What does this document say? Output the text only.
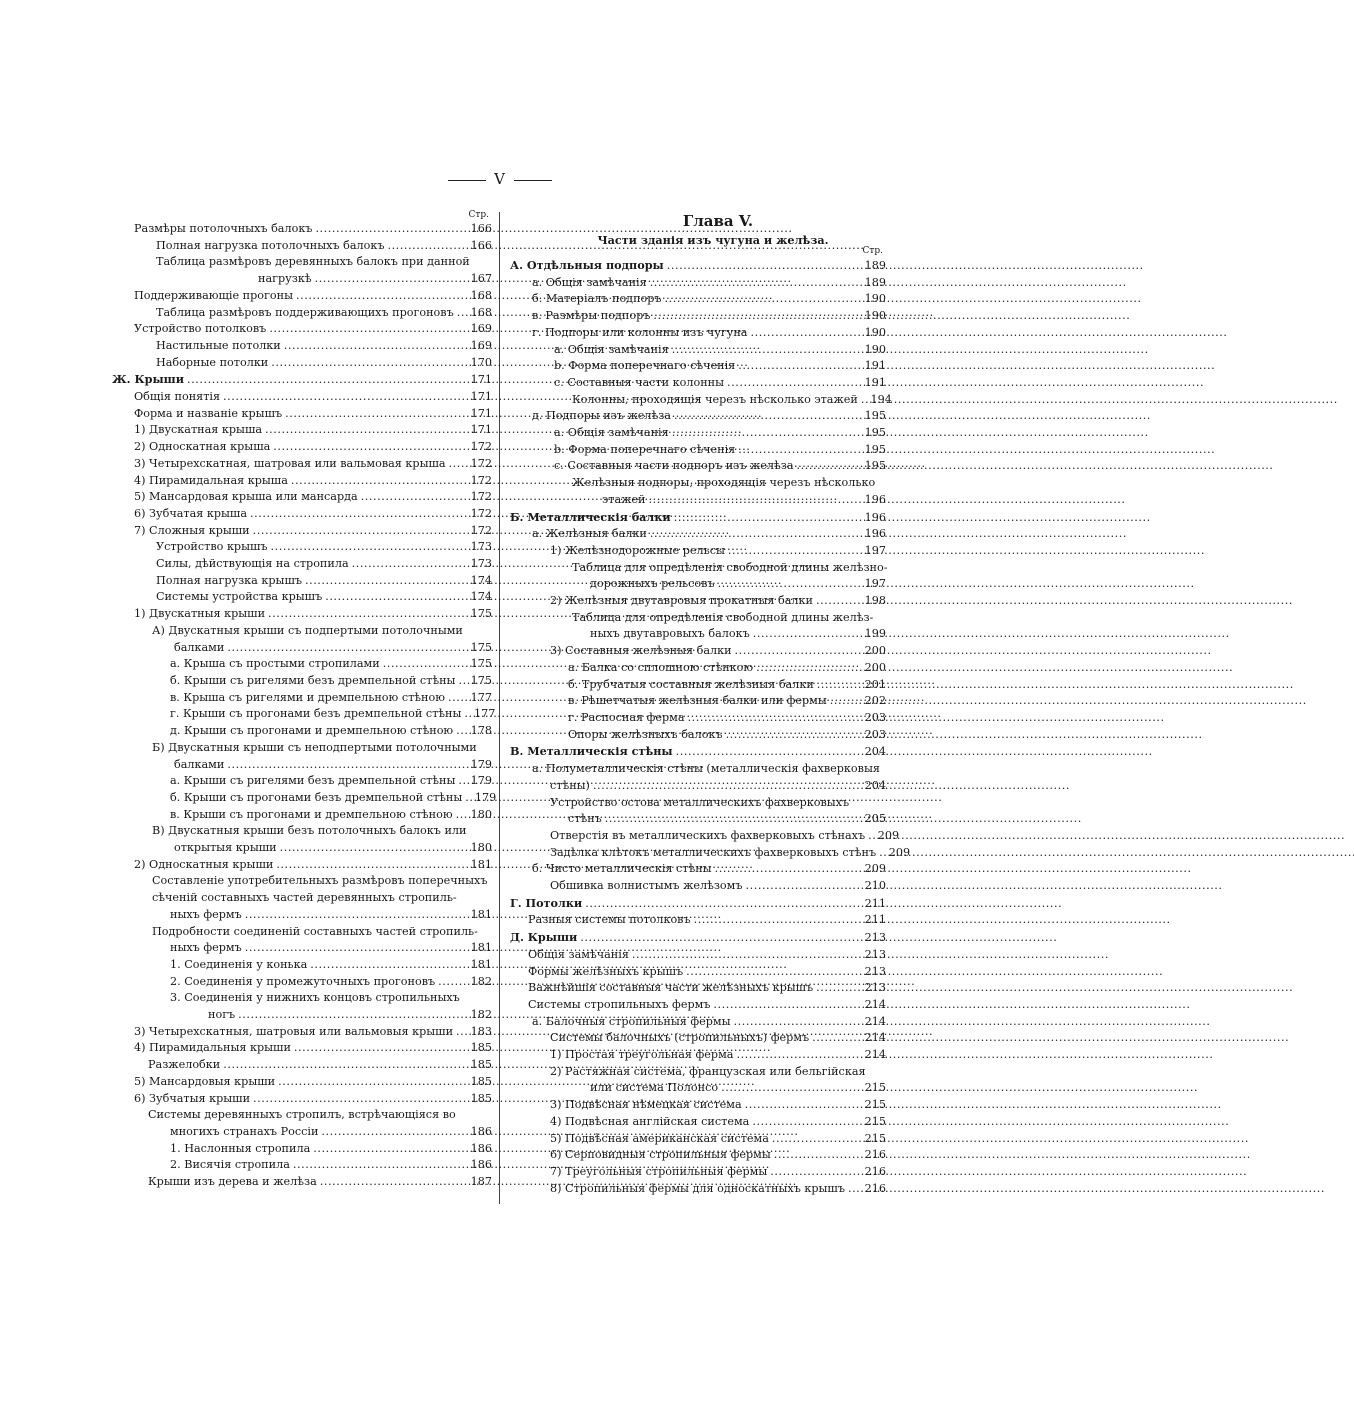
V
Стр.
Размѣры потолочныхъ балокъ . . .	166
Полная нагрузка потолочныхъ балокъ . . .	166
Таблица размѣровъ деревянныхъ балокъ при данной
нагрузкѣ . . .	167
Поддерживающіе прогоны . . .	168
Таблица размѣровъ поддерживающихъ прогоновъ . . . 168
Устройство потолковъ . . .	169
Настильные потолки . . .	169
Наборные потолки . . .	170
Ж. Крыши . . .	171
Общія понятія . . .	171
Форма и названіе крышъ . . .	171
1) Двускатная крыша . . .	171
2) Односкатная крыша . . .	172
3) Четырехскатная, шатровая или вальмовая крыша . . . 172
4) Пирамидальная крыша . . .	172
5) Мансардовая крыша или мансарда . . .	172
6) Зубчатая крыша . . .	172
7) Сложныя крыши . . .	172
Устройство крышъ . . .	173
Силы, дѣйствующія на стропила . . .	173
Полная нагрузка крышъ . . .	174
Системы устройства крышъ . . .	174
1) Двускатныя крыши . . .	175
А) Двускатныя крыши съ подпертыми потолочными
балками . . .	175
a. Крыша съ простыми стропилами . . .	175
б. Крыши съ ригелями безъ дремпельной стѣны . . . 175
в. Крыша съ ригелями и дремпельною стѣною . . . 177
г. Крыши съ прогонами безъ дремпельной стѣны . . . 177
д. Крыши съ прогонами и дремпельною стѣною . . . 178
Б) Двускатныя крыши съ неподпертыми потолочными
балками . . .	179
a. Крыши съ ригелями безъ дремпельной стѣны . . . 179
б. Крыши съ прогонами безъ дремпельной стѣны . . . 179
в. Крыши съ прогонами и дремпельною стѣною . . . 180
В) Двускатныя крыши безъ потолочныхъ балокъ или
открытыя крыши . . .	180
2) Односкатныя крыши . . .	181
Составленіе употребительныхъ размѣровъ поперечныхъ
сѣченій составныхъ частей деревянныхъ стропиль-
ныхъ фермъ . . .	181
Подробности соединеній составныхъ частей стропиль-
ныхъ фермъ . . .	181
1. Соединенія у конька . . .	181
2. Соединенія у промежуточныхъ прогоновъ . . .	182
3. Соединенія у нижнихъ концовъ стропильныхъ
ногъ . . .	182
3) Четырехскатныя, шатровыя или вальмовыя крыши . . . 183
4) Пирамидальныя крыши . . .	185
Разжелобки . . .	185
5) Мансардовыя крыши . . .	185
6) Зубчатыя крыши . . .	185
Системы деревянныхъ стропилъ, встрѣчающіяся во
многихъ странахъ Россіи . . .	186
1. Наслонныя стропила . . .	186
2. Висячія стропила . . .	186
Крыши изъ дерева и желѣза . . .	187
Глава V.
Части зданія изъ чугуна и желѣза.
Стр.
А. Отдѣльныя подпоры . . .	189
a. Общія замѣчанія . . .	189
б. Матеріалъ подпоръ . . .	190
в. Размѣры подпоръ . . .	190
г. Подпоры или колонны изъ чугуна . . .	190
a. Общія замѣчанія . . .	190
b. Форма поперечнаго сѣченія . . .	191
c. Составныя части колонны . . .	191
Колонны, проходящія черезъ нѣсколько этажей . . . 194
д. Подпоры изъ желѣза . . .	195
a. Общія замѣчанія . . .	195
b. Форма поперечнаго сѣченія . . .	195
c. Составныя части подпоръ изъ желѣза . . .	195
Желѣзныя подпоры, проходящія черезъ нѣсколько
этажей . . .	196
Б. Металлическія балки . . .	196
a. Желѣзныя балки . . .	196
1) Желѣзнодорожные рельсы . . .	197
Таблица для опредѣленія свободной длины желѣзно-
дорожныхъ рельсовъ . . .	197
2) Желѣзныя двутавровыя прокатныя балки . . .	198
Таблица для опредѣленія свободной длины желѣз-
ныхъ двутавровыхъ балокъ . . .	199
3) Составныя желѣзныя балки . . .	200
a. Балка со сплошною стѣнкою . . .	200
б. Трубчатыя составныя желѣзныя балки . . .	201
в. Рѣшетчатыя желѣзныя балки или фермы . . .	202
г. Распосная ферма . . .	203
Опоры желѣзныхъ балокъ . . .	203
В. Металлическія стѣны . . .	204
a. Полуметаллическія стѣны (металлическія фахверковыя
стѣны) . . .	204
Устройство остова металлическихъ фахверковыхъ
стѣнъ . . .	205
Отверстія въ металлическихъ фахверковыхъ стѣнахъ . . . 209
Задѣлка клѣтокъ металлическихъ фахверковыхъ стѣнъ . . . 209
б. Чисто металлическія стѣны . . .	209
Обшивка волнистымъ желѣзомъ . . .	210
Г. Потолки . . .	211
Разныя системы потолковъ . . .	211
Д. Крыши . . .	213
Общія замѣчанія . . .	213
Формы желѣзныхъ крышъ . . .	213
Важнѣйшія составныя части желѣзныхъ крышъ . . .	213
Системы стропильныхъ фермъ . . .	214
a. Балочныя стропильныя фермы . . .	214
Системы балочныхъ (стропильныхъ) фермъ . . .	214
1) Простая треугольная ферма . . .	214
2) Растяжная система, французская или бельгійская
или система Полонсо . . .	215
3) Подвѣсная нѣмецкая система . . .	215
4) Подвѣсная англійская система . . .	215
5) Подвѣсная американская система . . .	215
6) Серповидныя стропильныя фермы . . .	216
7) Треугольныя стропильныя фермы . . .	216
8) Стропильныя фермы для односкатныхъ крышъ . . . 216
